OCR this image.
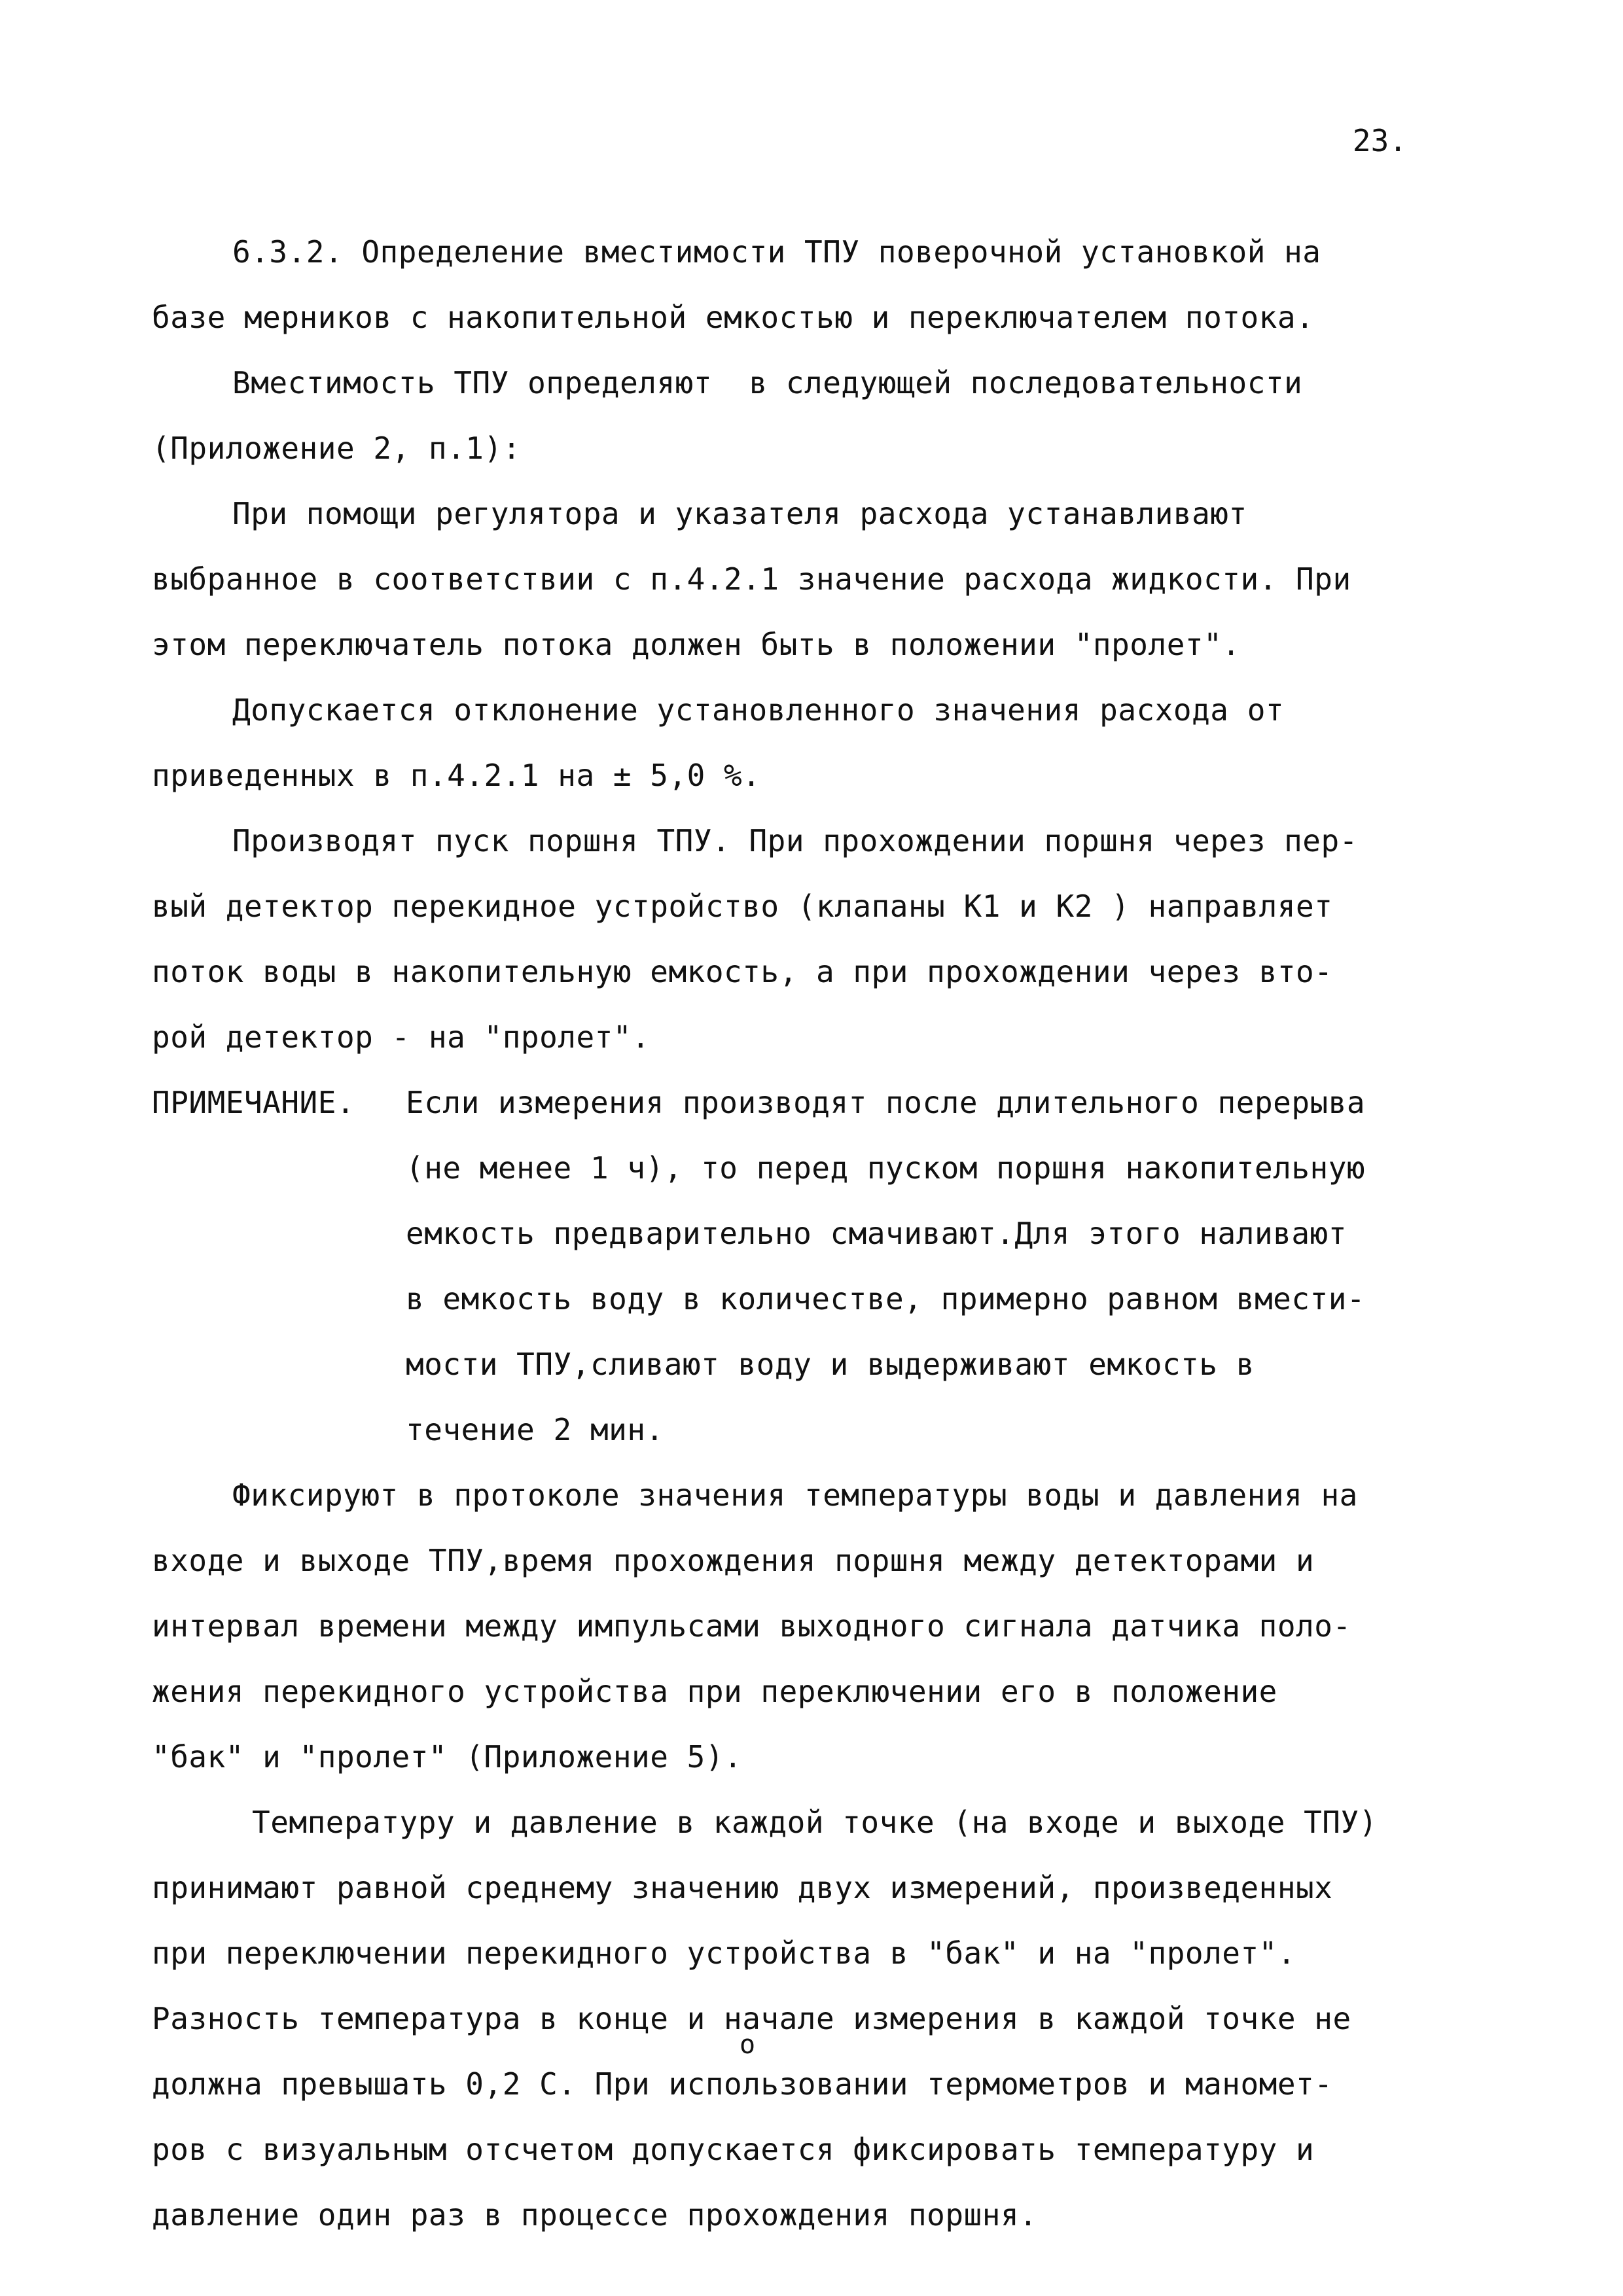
23.
6.3.2. Определение вместимости ТПУ поверочной установкой на
базе мерников с накопительной емкостью и переключателем потока.
Вместимость ТПУ определяют  в следующей последовательности
(Приложение 2, п.1):
При помощи регулятора и указателя расхода устанавливают
выбранное в соответствии с п.4.2.1 значение расхода жидкости. При
этом переключатель потока должен быть в положении "пролет".
Допускается отклонение установленного значения расхода от
приведенных в п.4.2.1 на ± 5,0 %.
Производят пуск поршня ТПУ. При прохождении поршня через пер-
вый детектор перекидное устройство (клапаны К1 и К2 ) направляет
поток воды в накопительную емкость, а при прохождении через вто-
рой детектор - на "пролет".
ПРИМЕЧАНИЕ. Если измерения производят после длительного перерыва
(не менее 1 ч), то перед пуском поршня накопительную
емкость предварительно смачивают.Для этого наливают
в емкость воду в количестве, примерно равном вмести-
мости ТПУ,сливают воду и выдерживают емкость в
течение 2 мин.
Фиксируют в протоколе значения температуры воды и давления на
входе и выходе ТПУ,время прохождения поршня между детекторами и
интервал времени между импульсами выходного сигнала датчика поло-
жения перекидного устройства при переключении его в положение
"бак" и "пролет" (Приложение 5).
Температуру и давление в каждой точке (на входе и выходе ТПУ)
принимают равной среднему значению двух измерений, произведенных
при переключении перекидного устройства в "бак" и на "пролет".
Разность температура в конце и начале измерения в каждой точке не
о
должна превышать 0,2 С. При использовании термометров и маномет-
ров с визуальным отсчетом допускается фиксировать температуру и
давление один раз в процессе прохождения поршня.
